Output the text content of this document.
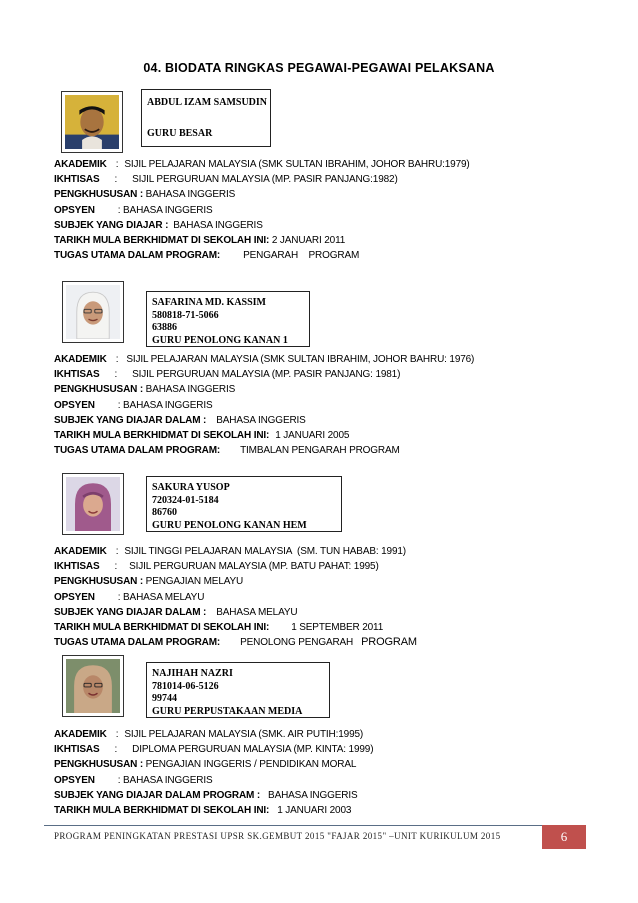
04. BIODATA RINGKAS PEGAWAI-PEGAWAI PELAKSANA
ABDUL IZAM SAMSUDIN
GURU BESAR
AKADEMIK : SIJIL PELAJARAN MALAYSIA (SMK SULTAN IBRAHIM, JOHOR BAHRU:1979)
IKHTISAS : SIJIL PERGURUAN MALAYSIA (MP. PASIR PANJANG:1982)
PENGKHUSUSAN : BAHASA INGGERIS
OPSYEN : BAHASA INGGERIS
SUBJEK YANG DIAJAR : BAHASA INGGERIS
TARIKH MULA BERKHIDMAT DI SEKOLAH INI: 2 JANUARI 2011
TUGAS UTAMA DALAM PROGRAM: PENGARAH    PROGRAM
SAFARINA MD. KASSIM
580818-71-5066
63886
GURU PENOLONG KANAN 1
AKADEMIK : SIJIL PELAJARAN MALAYSIA (SMK SULTAN IBRAHIM, JOHOR BAHRU: 1976)
IKHTISAS : SIJIL PERGURUAN MALAYSIA (MP. PASIR PANJANG: 1981)
PENGKHUSUSAN : BAHASA INGGERIS
OPSYEN : BAHASA INGGERIS
SUBJEK YANG DIAJAR DALAM : BAHASA INGGERIS
TARIKH MULA BERKHIDMAT DI SEKOLAH INI: 1 JANUARI 2005
TUGAS UTAMA DALAM PROGRAM: TIMBALAN PENGARAH PROGRAM
SAKURA YUSOP
720324-01-5184
86760
GURU PENOLONG KANAN HEM
AKADEMIK : SIJIL TINGGI PELAJARAN MALAYSIA  (SM. TUN HABAB: 1991)
IKHTISAS : SIJIL PERGURUAN MALAYSIA (MP. BATU PAHAT: 1995)
PENGKHUSUSAN : PENGAJIAN MELAYU
OPSYEN : BAHASA MELAYU
SUBJEK YANG DIAJAR DALAM : BAHASA MELAYU
TARIKH MULA BERKHIDMAT DI SEKOLAH INI: 1 SEPTEMBER 2011
TUGAS UTAMA DALAM PROGRAM: PENOLONG PENGARAH PROGRAM
NAJIHAH NAZRI
781014-06-5126
99744
GURU PERPUSTAKAAN MEDIA
AKADEMIK : SIJIL PELAJARAN MALAYSIA (SMK. AIR PUTIH:1995)
IKHTISAS : DIPLOMA PERGURUAN MALAYSIA (MP. KINTA: 1999)
PENGKHUSUSAN : PENGAJIAN INGGERIS / PENDIDIKAN MORAL
OPSYEN : BAHASA INGGERIS
SUBJEK YANG DIAJAR DALAM PROGRAM : BAHASA INGGERIS
TARIKH MULA BERKHIDMAT DI SEKOLAH INI: 1 JANUARI 2003
PROGRAM PENINGKATAN PRESTASI UPSR SK.GEMBUT 2015 "FAJAR 2015" –UNIT KURIKULUM 2015	6
